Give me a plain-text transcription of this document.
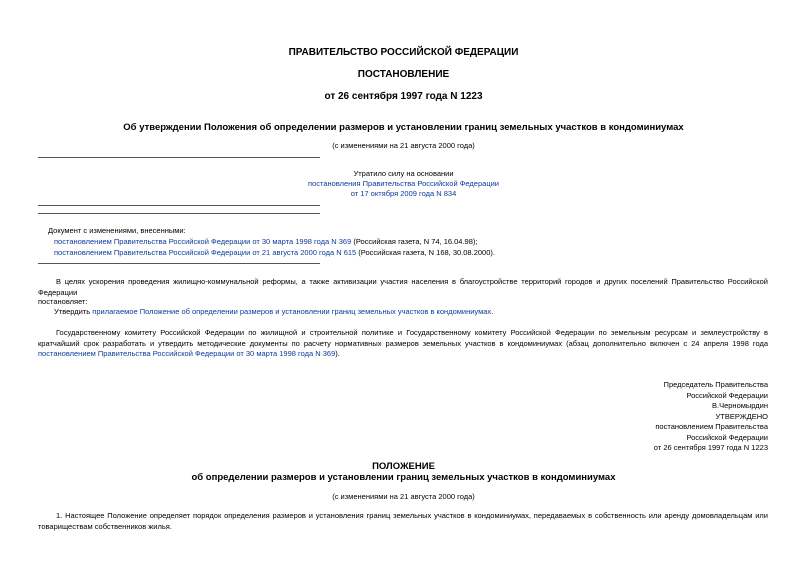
ПРАВИТЕЛЬСТВО РОССИЙСКОЙ ФЕДЕРАЦИИ
ПОСТАНОВЛЕНИЕ
от 26 сентября 1997 года N 1223
Об утверждении Положения об определении размеров и установлении границ земельных участков в кондоминиумах
(с изменениями на 21 августа 2000 года)
Утратило силу на основании
постановления Правительства Российской Федерации
от 17 октября 2009 года N 834
Документ с изменениями, внесенными:
постановлением Правительства Российской Федерации от 30 марта 1998 года N 369 (Российская газета, N 74, 16.04.98);
постановлением Правительства Российской Федерации от 21 августа 2000 года N 615 (Российская газета, N 168, 30.08.2000).
В целях ускорения проведения жилищно-коммунальной реформы, а также активизации участия населения в благоустройстве территорий городов и других поселений Правительство Российской Федерации
постановляет:
Утвердить прилагаемое Положение об определении размеров и установлении границ земельных участков в кондоминиумах.
Государственному комитету Российской Федерации по жилищной и строительной политике и Государственному комитету Российской Федерации по земельным ресурсам и землеустройству в кратчайший срок разработать и утвердить методические документы по расчету нормативных размеров земельных участков в кондоминиумах (абзац дополнительно включен с 24 апреля 1998 года постановлением Правительства Российской Федерации от 30 марта 1998 года N 369).
Председатель Правительства
Российской Федерации
В.Черномырдин
УТВЕРЖДЕНО
постановлением Правительства
Российской Федерации
от 26 сентября 1997 года N 1223
ПОЛОЖЕНИЕ
об определении размеров и установлении границ земельных участков в кондоминиумах
(с изменениями на 21 августа 2000 года)
1. Настоящее Положение определяет порядок определения размеров и установления границ земельных участков в кондоминиумах, передаваемых в собственность или аренду домовладельцам или товариществам собственников жилья.
